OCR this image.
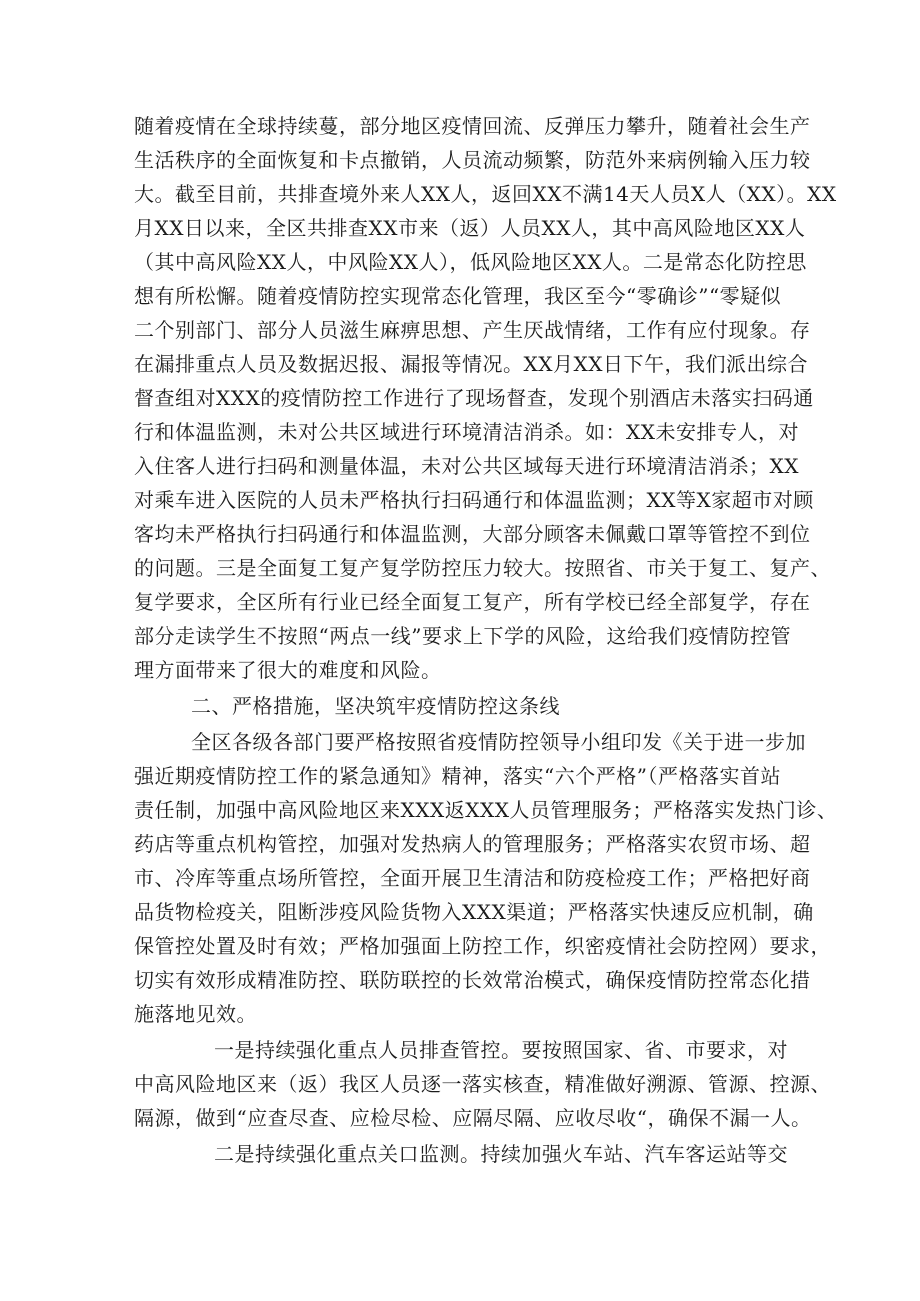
随着疫情在全球持续蔓，部分地区疫情回流、反弹压力攀升，随着社会生产
生活秩序的全面恢复和卡点撤销，人员流动频繁，防范外来病例输入压力较
大。截至目前，共排查境外来人XX人，返回XX不满14天人员X人（XX）。XX
月XX日以来，全区共排查XX市来（返）人员XX人，其中高风险地区XX人
（其中高风险XX人，中风险XX人），低风险地区XX人。二是常态化防控思
想有所松懈。随着疫情防控实现常态化管理，我区至今“零确诊”“零疑似
二个别部门、部分人员滋生麻痹思想、产生厌战情绪，工作有应付现象。存
在漏排重点人员及数据迟报、漏报等情况。XX月XX日下午，我们派出综合
督查组对XXX的疫情防控工作进行了现场督查，发现个别酒店未落实扫码通
行和体温监测，未对公共区域进行环境清洁消杀。如：XX未安排专人，对
入住客人进行扫码和测量体温，未对公共区域每天进行环境清洁消杀；XX
对乘车进入医院的人员未严格执行扫码通行和体温监测；XX等X家超市对顾
客均未严格执行扫码通行和体温监测，大部分顾客未佩戴口罩等管控不到位
的问题。三是全面复工复产复学防控压力较大。按照省、市关于复工、复产、
复学要求，全区所有行业已经全面复工复产，所有学校已经全部复学，存在
部分走读学生不按照“两点一线”要求上下学的风险，这给我们疫情防控管
理方面带来了很大的难度和风险。
二、严格措施，坚决筑牢疫情防控这条线
全区各级各部门要严格按照省疫情防控领导小组印发《关于进一步加
强近期疫情防控工作的紧急通知》精神，落实“六个严格”（严格落实首站
责任制，加强中高风险地区来XXX返XXX人员管理服务；严格落实发热门诊、
药店等重点机构管控，加强对发热病人的管理服务；严格落实农贸市场、超
市、冷库等重点场所管控，全面开展卫生清洁和防疫检疫工作；严格把好商
品货物检疫关，阻断涉疫风险货物入XXX渠道；严格落实快速反应机制，确
保管控处置及时有效；严格加强面上防控工作，织密疫情社会防控网）要求，
切实有效形成精准防控、联防联控的长效常治模式，确保疫情防控常态化措
施落地见效。
一是持续强化重点人员排查管控。要按照国家、省、市要求，对
中高风险地区来（返）我区人员逐一落实核查，精准做好溯源、管源、控源、
隔源，做到“应查尽查、应检尽检、应隔尽隔、应收尽收“，确保不漏一人。
二是持续强化重点关口监测。持续加强火车站、汽车客运站等交
